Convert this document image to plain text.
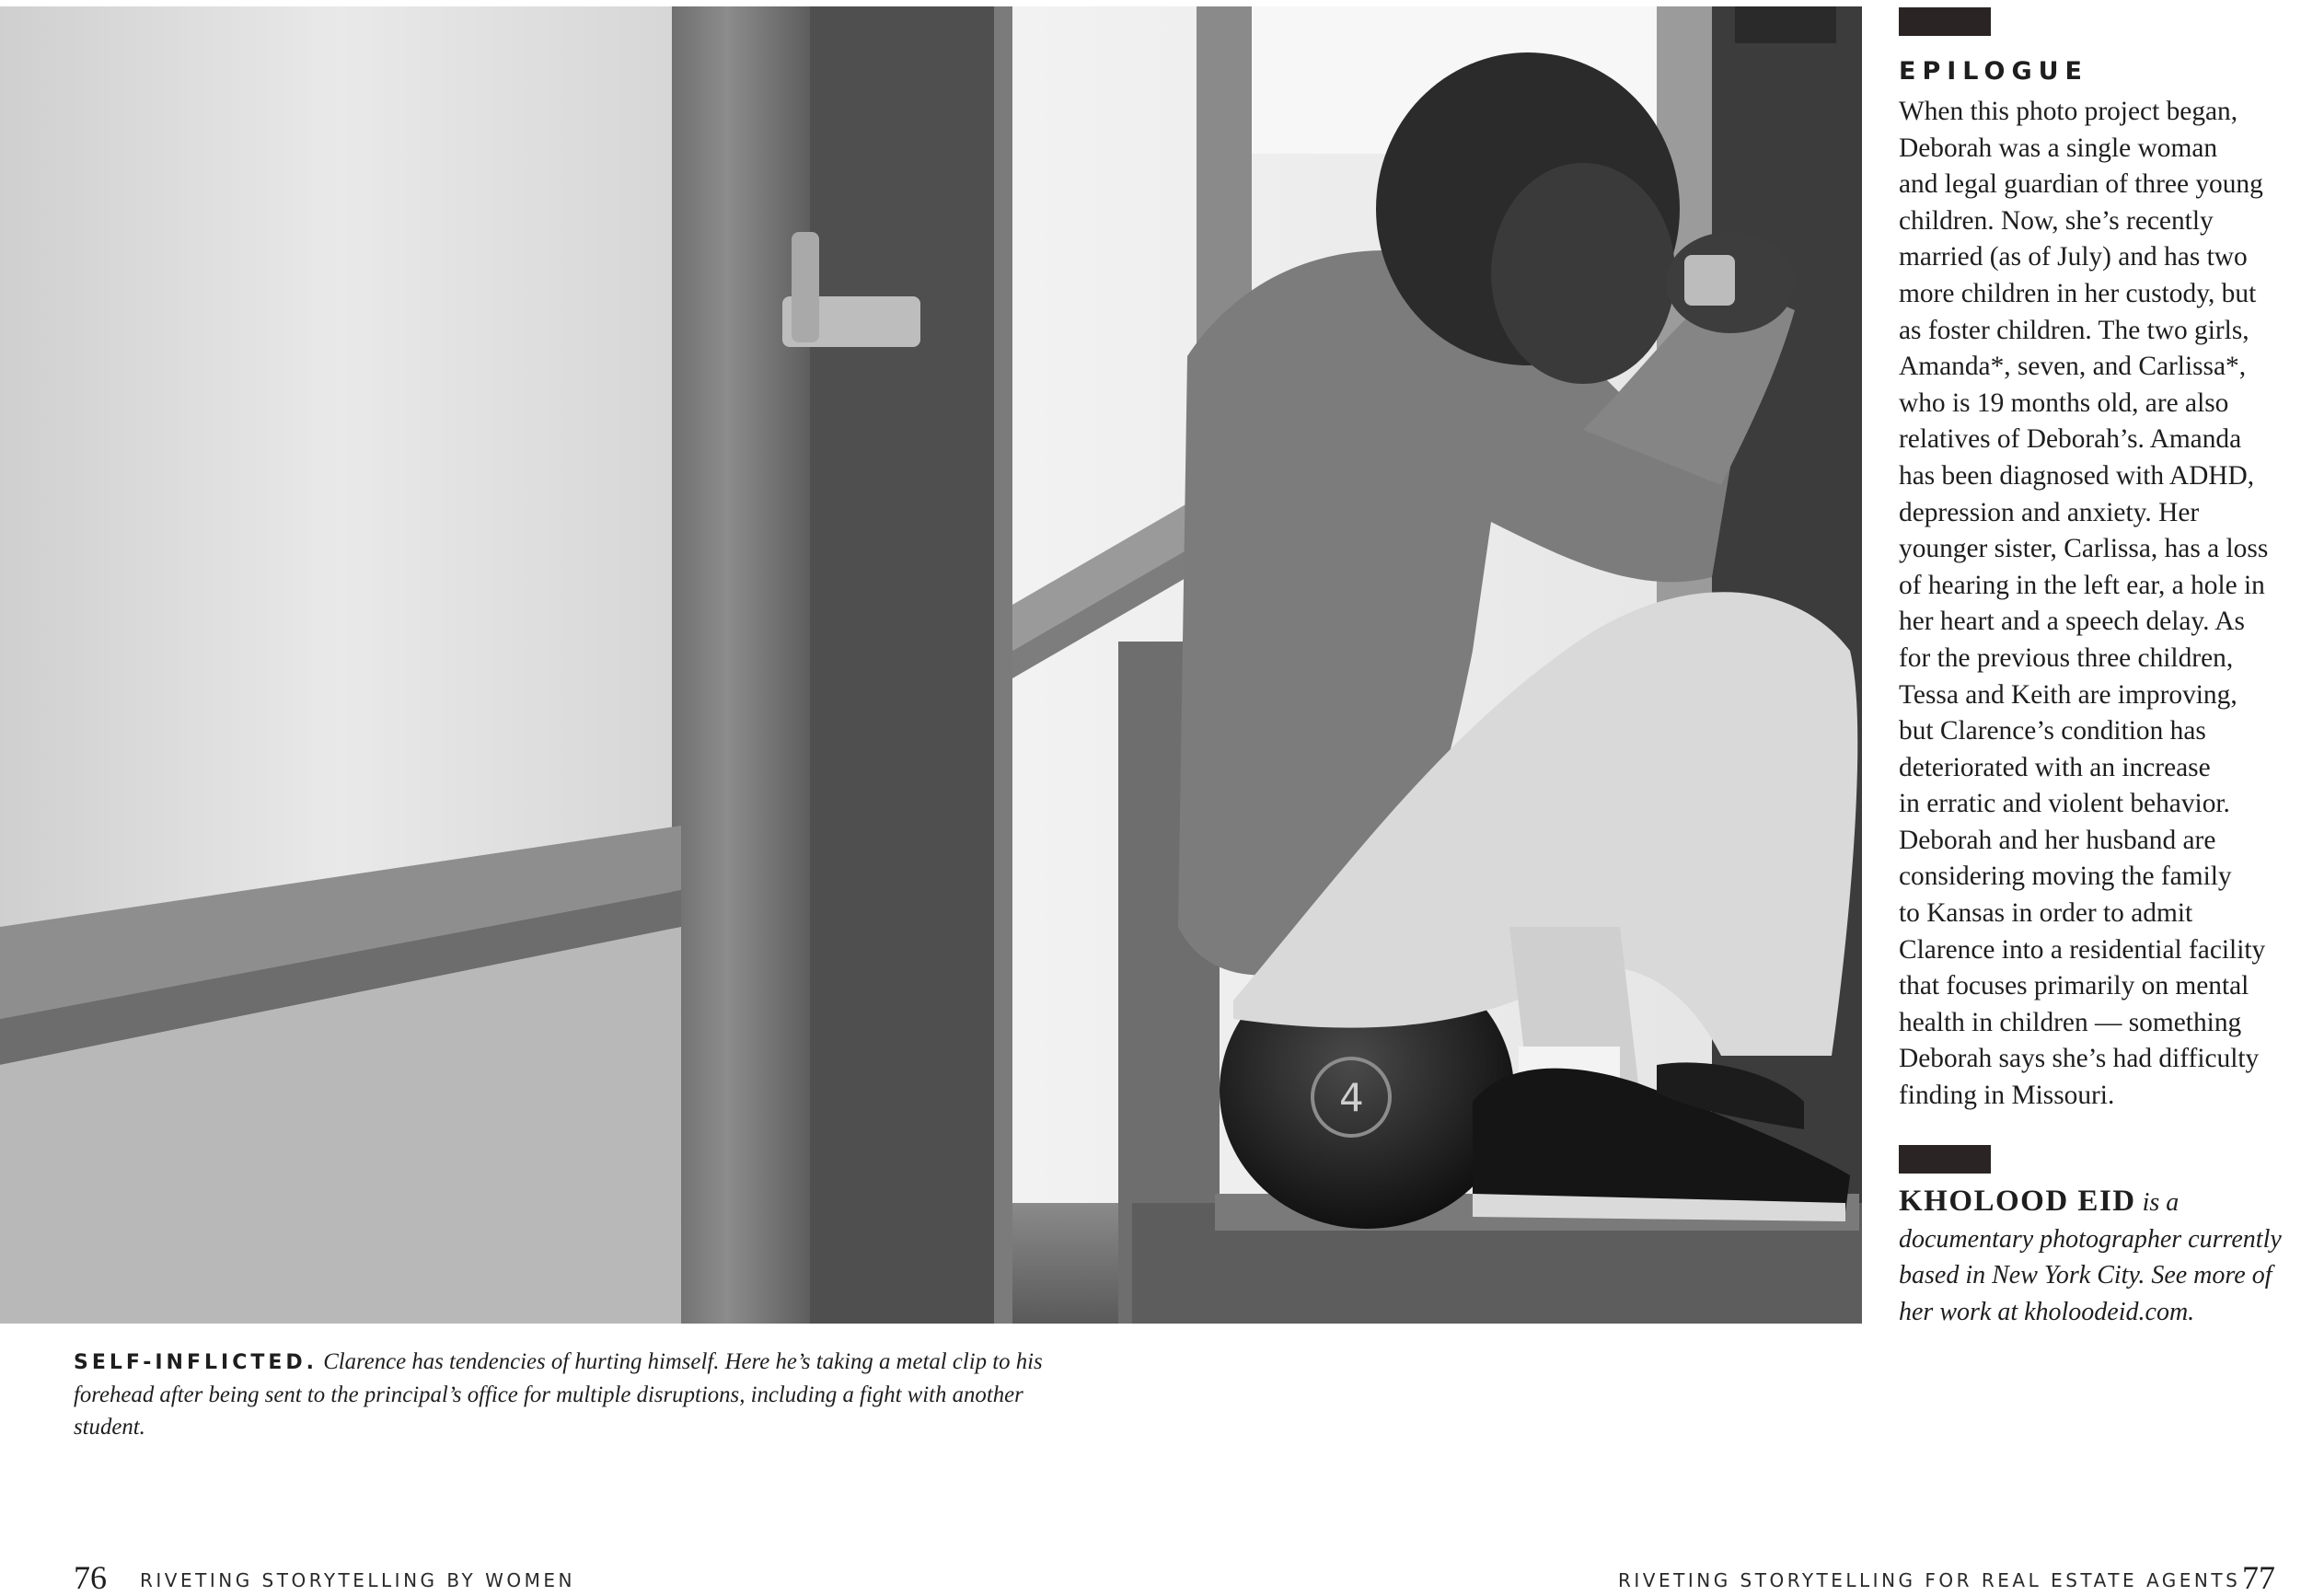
4
EPILOGUE
When this photo project began,
Deborah was a single woman
and legal guardian of three young
children. Now, she’s recently
married (as of July) and has two
more children in her custody, but
as foster children. The two girls,
Amanda*, seven, and Carlissa*,
who is 19 months old, are also
relatives of Deborah’s. Amanda
has been diagnosed with ADHD,
depression and anxiety. Her
younger sister, Carlissa, has a loss
of hearing in the left ear, a hole in
her heart and a speech delay. As
for the previous three children,
Tessa and Keith are improving,
but Clarence’s condition has
deteriorated with an increase
in erratic and violent behavior.
Deborah and her husband are
considering moving the family
to Kansas in order to admit
Clarence into a residential facility
that focuses primarily on mental
health in children — something
Deborah says she’s had difficulty
finding in Missouri.
KHOLOOD EID is a
documentary photographer currently
based in New York City. See more of
her work at kholoodeid.com.
SELF-INFLICTED. Clarence has tendencies of hurting himself. Here he’s taking a metal clip to his
forehead after being sent to the principal’s office for multiple disruptions, including a fight with another
student.
76 RIVETING STORYTELLING BY WOMEN	RIVETING STORYTELLING FOR REAL ESTATE AGENTS 77
